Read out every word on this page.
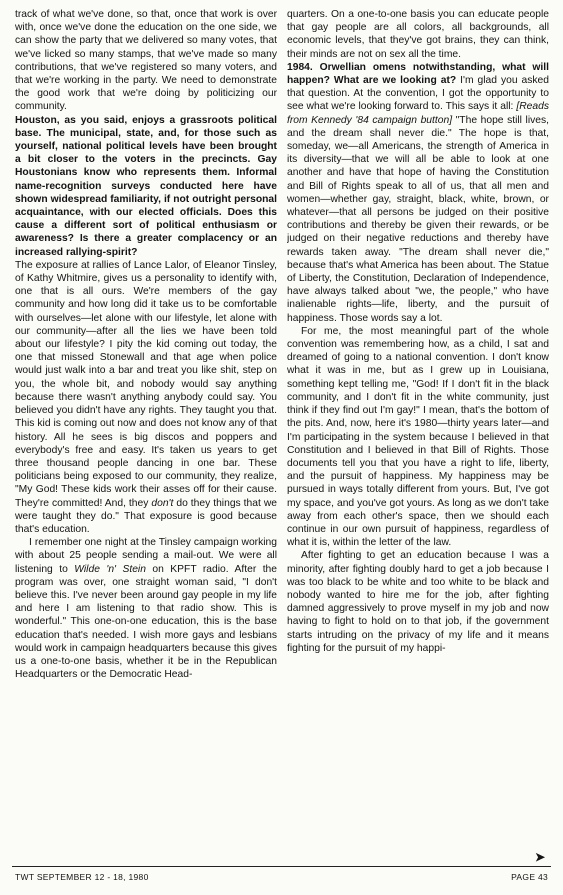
track of what we've done, so that, once that work is over with, once we've done the education on the one side, we can show the party that we delivered so many votes, that we've licked so many stamps, that we've made so many contributions, that we've registered so many voters, and that we're working in the party. We need to demonstrate the good work that we're doing by politicizing our community.

Houston, as you said, enjoys a grassroots political base. The municipal, state, and, for those such as yourself, national political levels have been brought a bit closer to the voters in the precincts. Gay Houstonians know who represents them. Informal name-recognition surveys conducted here have shown widespread familiarity, if not outright personal acquaintance, with our elected officials. Does this cause a different sort of political enthusiasm or awareness? Is there a greater complacency or an increased rallying-spirit?

The exposure at rallies of Lance Lalor, of Eleanor Tinsley, of Kathy Whitmire, gives us a personality to identify with, one that is all ours. We're members of the gay community and how long did it take us to be comfortable with ourselves—let alone with our lifestyle, let alone with our community—after all the lies we have been told about our lifestyle? I pity the kid coming out today, the one that missed Stonewall and that age when police would just walk into a bar and treat you like shit, step on you, the whole bit, and nobody would say anything because there wasn't anything anybody could say. You believed you didn't have any rights. They taught you that. This kid is coming out now and does not know any of that history. All he sees is big discos and poppers and everybody's free and easy. It's taken us years to get three thousand people dancing in one bar. These politicians being exposed to our community, they realize, "My God! These kids work their asses off for their cause. They're committed! And, they don't do they things that we were taught they do." That exposure is good because that's education.

I remember one night at the Tinsley campaign working with about 25 people sending a mail-out. We were all listening to Wilde 'n' Stein on KPFT radio. After the program was over, one straight woman said, "I don't believe this. I've never been around gay people in my life and here I am listening to that radio show. This is wonderful." This one-on-one education, this is the base education that's needed. I wish more gays and lesbians would work in campaign headquarters because this gives us a one-to-one basis, whether it be in the Republican Headquarters or the Democratic Head-

quarters. On a one-to-one basis you can educate people that gay people are all colors, all backgrounds, all economic levels, that they've got brains, they can think, their minds are not on sex all the time.

1984. Orwellian omens notwithstanding, what will happen? What are we looking at? I'm glad you asked that question. At the convention, I got the opportunity to see what we're looking forward to. This says it all: [Reads from Kennedy '84 campaign button] "The hope still lives, and the dream shall never die." The hope is that, someday, we—all Americans, the strength of America in its diversity—that we will all be able to look at one another and have that hope of having the Constitution and Bill of Rights speak to all of us, that all men and women—whether gay, straight, black, white, brown, or whatever—that all persons be judged on their positive contributions and thereby be given their rewards, or be judged on their negative reductions and thereby have rewards taken away. "The dream shall never die," because that's what America has been about. The Statue of Liberty, the Constitution, Declaration of Independence, have always talked about "we, the people," who have inalienable rights—life, liberty, and the pursuit of happiness. Those words say a lot.

For me, the most meaningful part of the whole convention was remembering how, as a child, I sat and dreamed of going to a national convention. I don't know what it was in me, but as I grew up in Louisiana, something kept telling me, "God! If I don't fit in the black community, and I don't fit in the white community, just think if they find out I'm gay!" I mean, that's the bottom of the pits. And, now, here it's 1980—thirty years later—and I'm participating in the system because I believed in that Constitution and I believed in that Bill of Rights. Those documents tell you that you have a right to life, liberty, and the pursuit of happiness. My happiness may be pursued in ways totally different from yours. But, I've got my space, and you've got yours. As long as we don't take away from each other's space, then we should each continue in our own pursuit of happiness, regardless of what it is, within the letter of the law.

After fighting to get an education because I was a minority, after fighting doubly hard to get a job because I was too black to be white and too white to be black and nobody wanted to hire me for the job, after fighting damned aggressively to prove myself in my job and now having to fight to hold on to that job, if the government starts intruding on the privacy of my life and it means fighting for the pursuit of my happi-

➤
TWT SEPTEMBER 12 - 18, 1980	PAGE 43
